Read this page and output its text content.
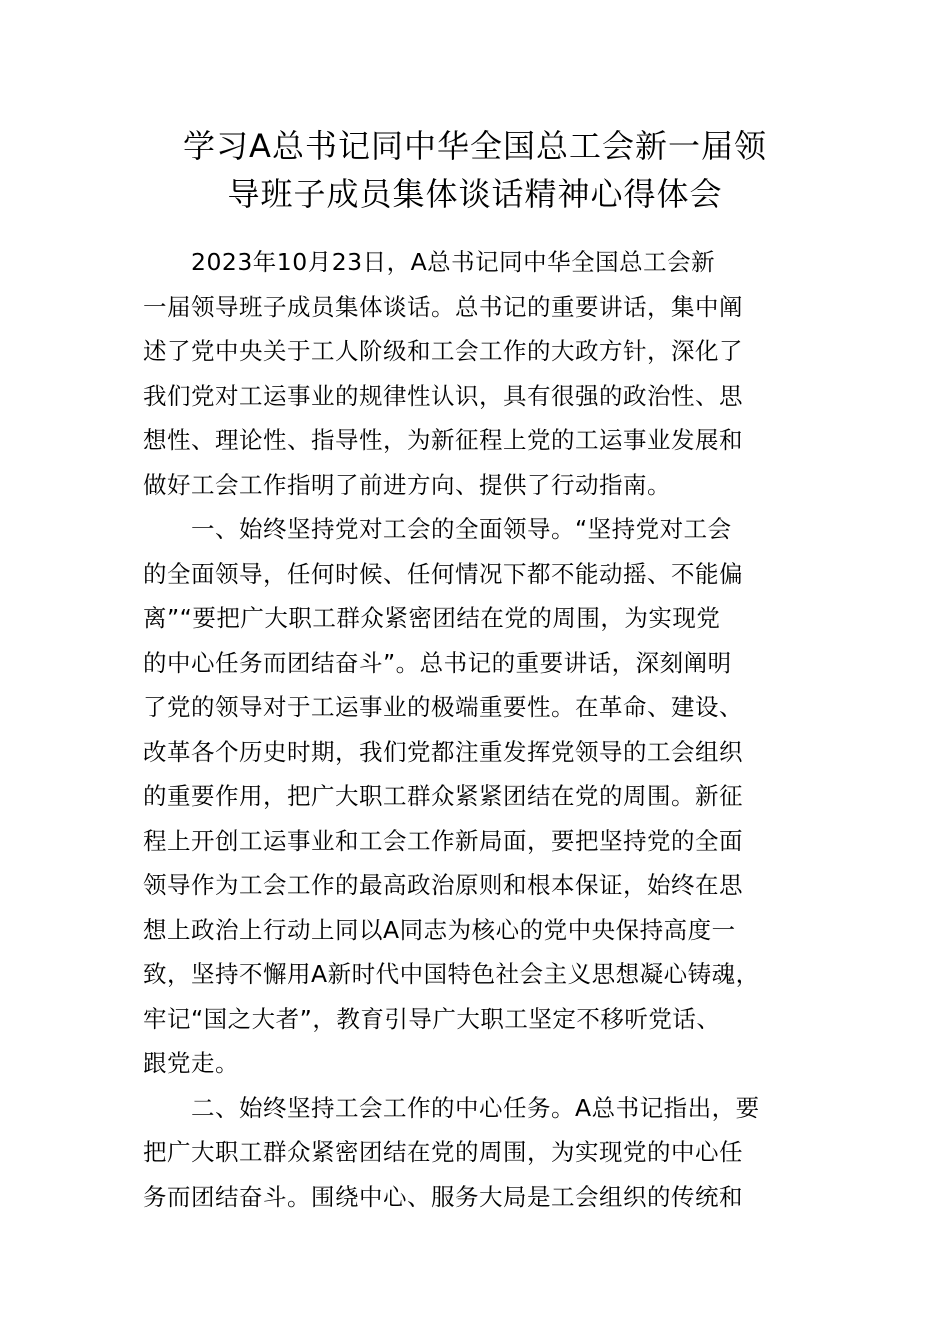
学习A总书记同中华全国总工会新一届领
导班子成员集体谈话精神心得体会

2023年10月23日，A总书记同中华全国总工会新
一届领导班子成员集体谈话。总书记的重要讲话，集中阐
述了党中央关于工人阶级和工会工作的大政方针，深化了
我们党对工运事业的规律性认识，具有很强的政治性、思
想性、理论性、指导性，为新征程上党的工运事业发展和
做好工会工作指明了前进方向、提供了行动指南。

一、始终坚持党对工会的全面领导。“坚持党对工会
的全面领导，任何时候、任何情况下都不能动摇、不能偏
离”“要把广大职工群众紧密团结在党的周围，为实现党
的中心任务而团结奋斗”。总书记的重要讲话，深刻阐明
了党的领导对于工运事业的极端重要性。在革命、建设、
改革各个历史时期，我们党都注重发挥党领导的工会组织
的重要作用，把广大职工群众紧紧团结在党的周围。新征
程上开创工运事业和工会工作新局面，要把坚持党的全面
领导作为工会工作的最高政治原则和根本保证，始终在思
想上政治上行动上同以A同志为核心的党中央保持高度一
致，坚持不懈用A新时代中国特色社会主义思想凝心铸魂，
牢记“国之大者”，教育引导广大职工坚定不移听党话、
跟党走。

二、始终坚持工会工作的中心任务。A总书记指出，要
把广大职工群众紧密团结在党的周围，为实现党的中心任
务而团结奋斗。围绕中心、服务大局是工会组织的传统和
